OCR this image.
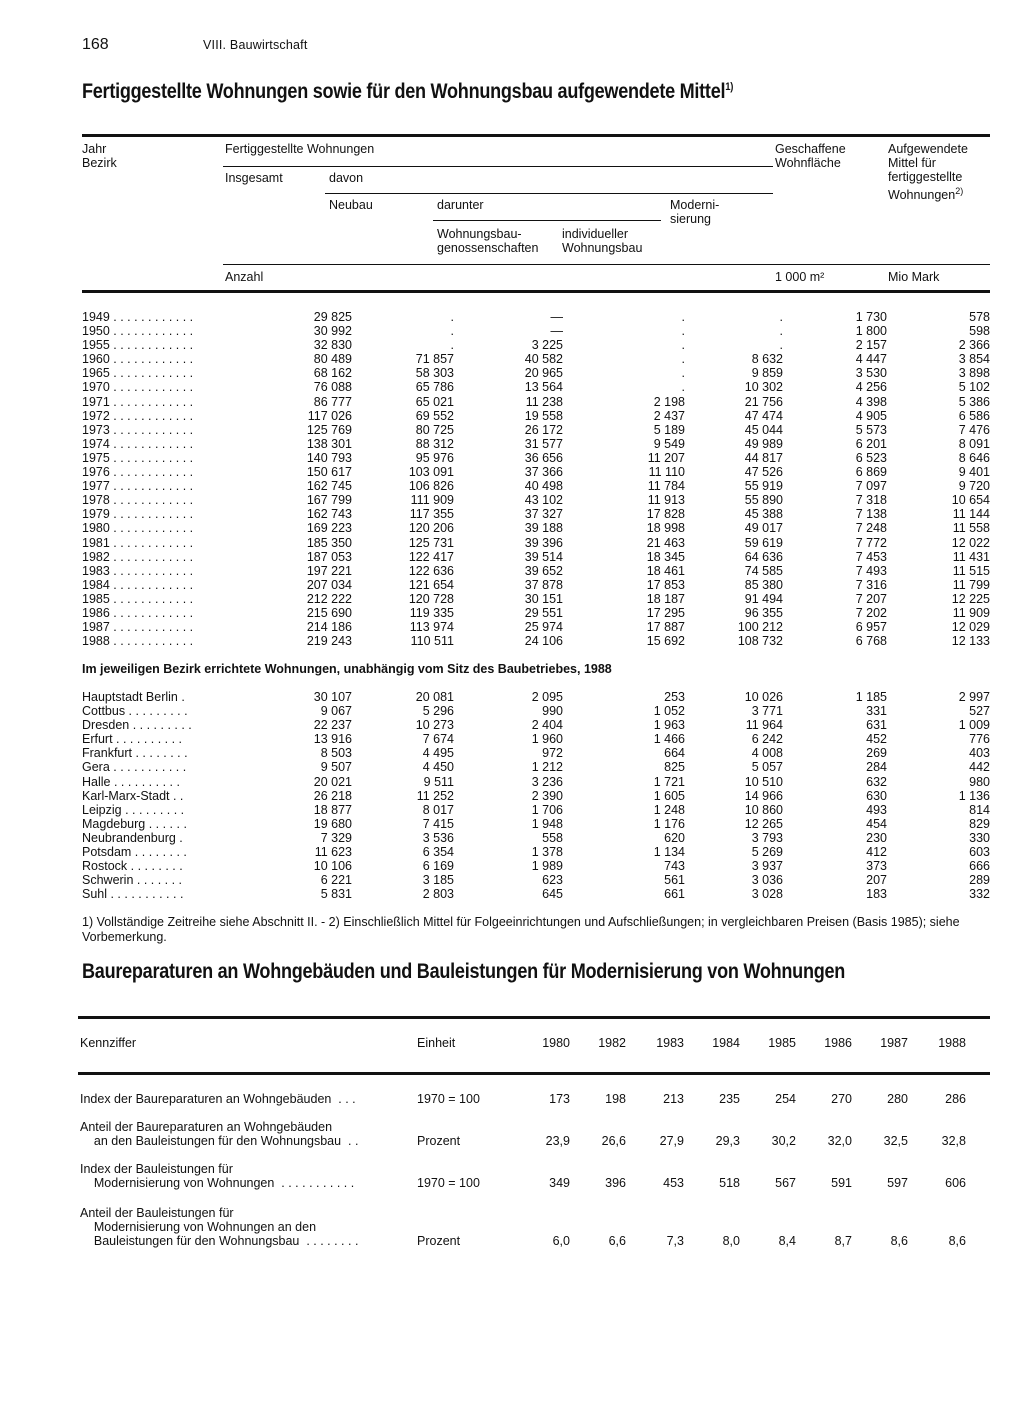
168	VIII. Bauwirtschaft
Fertiggestellte Wohnungen sowie für den Wohnungsbau aufgewendete Mittel$^{1)}$
Jahr
Bezirk
Fertiggestellte Wohnungen
Insgesamt	davon
Neubau	darunter	Moderni-
sierung
Wohnungsbau-
genossenschaften
individueller
Wohnungsbau
Geschaffene
Wohnfläche
Aufgewendete
Mittel für
fertiggestellte
Wohnungen$^{2)}$
Anzahl	1 000 m²	Mio Mark
1949 . . . . . . . . . . . .	29 825	.	—	.	.	1 730	578
1950 . . . . . . . . . . . .	30 992	.	—	.	.	1 800	598
1955 . . . . . . . . . . . .	32 830	.	3 225	.	.	2 157	2 366
1960 . . . . . . . . . . . .	80 489	71 857	40 582	.	8 632	4 447	3 854
1965 . . . . . . . . . . . .	68 162	58 303	20 965	.	9 859	3 530	3 898
1970 . . . . . . . . . . . .	76 088	65 786	13 564	.	10 302	4 256	5 102
1971 . . . . . . . . . . . .	86 777	65 021	11 238	2 198	21 756	4 398	5 386
1972 . . . . . . . . . . . .	117 026	69 552	19 558	2 437	47 474	4 905	6 586
1973 . . . . . . . . . . . .	125 769	80 725	26 172	5 189	45 044	5 573	7 476
1974 . . . . . . . . . . . .	138 301	88 312	31 577	9 549	49 989	6 201	8 091
1975 . . . . . . . . . . . .	140 793	95 976	36 656	11 207	44 817	6 523	8 646
1976 . . . . . . . . . . . .	150 617	103 091	37 366	11 110	47 526	6 869	9 401
1977 . . . . . . . . . . . .	162 745	106 826	40 498	11 784	55 919	7 097	9 720
1978 . . . . . . . . . . . .	167 799	111 909	43 102	11 913	55 890	7 318	10 654
1979 . . . . . . . . . . . .	162 743	117 355	37 327	17 828	45 388	7 138	11 144
1980 . . . . . . . . . . . .	169 223	120 206	39 188	18 998	49 017	7 248	11 558
1981 . . . . . . . . . . . .	185 350	125 731	39 396	21 463	59 619	7 772	12 022
1982 . . . . . . . . . . . .	187 053	122 417	39 514	18 345	64 636	7 453	11 431
1983 . . . . . . . . . . . .	197 221	122 636	39 652	18 461	74 585	7 493	11 515
1984 . . . . . . . . . . . .	207 034	121 654	37 878	17 853	85 380	7 316	11 799
1985 . . . . . . . . . . . .	212 222	120 728	30 151	18 187	91 494	7 207	12 225
1986 . . . . . . . . . . . .	215 690	119 335	29 551	17 295	96 355	7 202	11 909
1987 . . . . . . . . . . . .	214 186	113 974	25 974	17 887	100 212	6 957	12 029
1988 . . . . . . . . . . . .	219 243	110 511	24 106	15 692	108 732	6 768	12 133
Im jeweiligen Bezirk errichtete Wohnungen, unabhängig vom Sitz des Baubetriebes, 1988
Hauptstadt Berlin .	30 107	20 081	2 095	253	10 026	1 185	2 997
Cottbus . . . . . . . . .	9 067	5 296	990	1 052	3 771	331	527
Dresden . . . . . . . . .	22 237	10 273	2 404	1 963	11 964	631	1 009
Erfurt . . . . . . . . . .	13 916	7 674	1 960	1 466	6 242	452	776
Frankfurt . . . . . . . .	8 503	4 495	972	664	4 008	269	403
Gera . . . . . . . . . . .	9 507	4 450	1 212	825	5 057	284	442
Halle . . . . . . . . . .	20 021	9 511	3 236	1 721	10 510	632	980
Karl-Marx-Stadt . .	26 218	11 252	2 390	1 605	14 966	630	1 136
Leipzig . . . . . . . . .	18 877	8 017	1 706	1 248	10 860	493	814
Magdeburg . . . . . .	19 680	7 415	1 948	1 176	12 265	454	829
Neubrandenburg .	7 329	3 536	558	620	3 793	230	330
Potsdam . . . . . . . .	11 623	6 354	1 378	1 134	5 269	412	603
Rostock . . . . . . . .	10 106	6 169	1 989	743	3 937	373	666
Schwerin . . . . . . .	6 221	3 185	623	561	3 036	207	289
Suhl . . . . . . . . . . .	5 831	2 803	645	661	3 028	183	332
1) Vollständige Zeitreihe siehe Abschnitt II. - 2) Einschließlich Mittel für Folgeeinrichtungen und Aufschließungen; in vergleichbaren Preisen (Basis 1985); siehe Vorbemerkung.
Baureparaturen an Wohngebäuden und Bauleistungen für Modernisierung von Wohnungen
Kennziffer	Einheit	1980	1982	1983	1984	1985	1986	1987	1988
Index der Baureparaturen an Wohngebäuden  . . .	1970 = 100	173	198	213	235	254	270	280	286
Anteil der Baureparaturen an Wohngebäuden
an den Bauleistungen für den Wohnungsbau  . .	Prozent	23,9	26,6	27,9	29,3	30,2	32,0	32,5	32,8
Index der Bauleistungen für
Modernisierung von Wohnungen  . . . . . . . . . . .	1970 = 100	349	396	453	518	567	591	597	606
Anteil der Bauleistungen für
Modernisierung von Wohnungen an den
Bauleistungen für den Wohnungsbau  . . . . . . . .	Prozent	6,0	6,6	7,3	8,0	8,4	8,7	8,6	8,6
